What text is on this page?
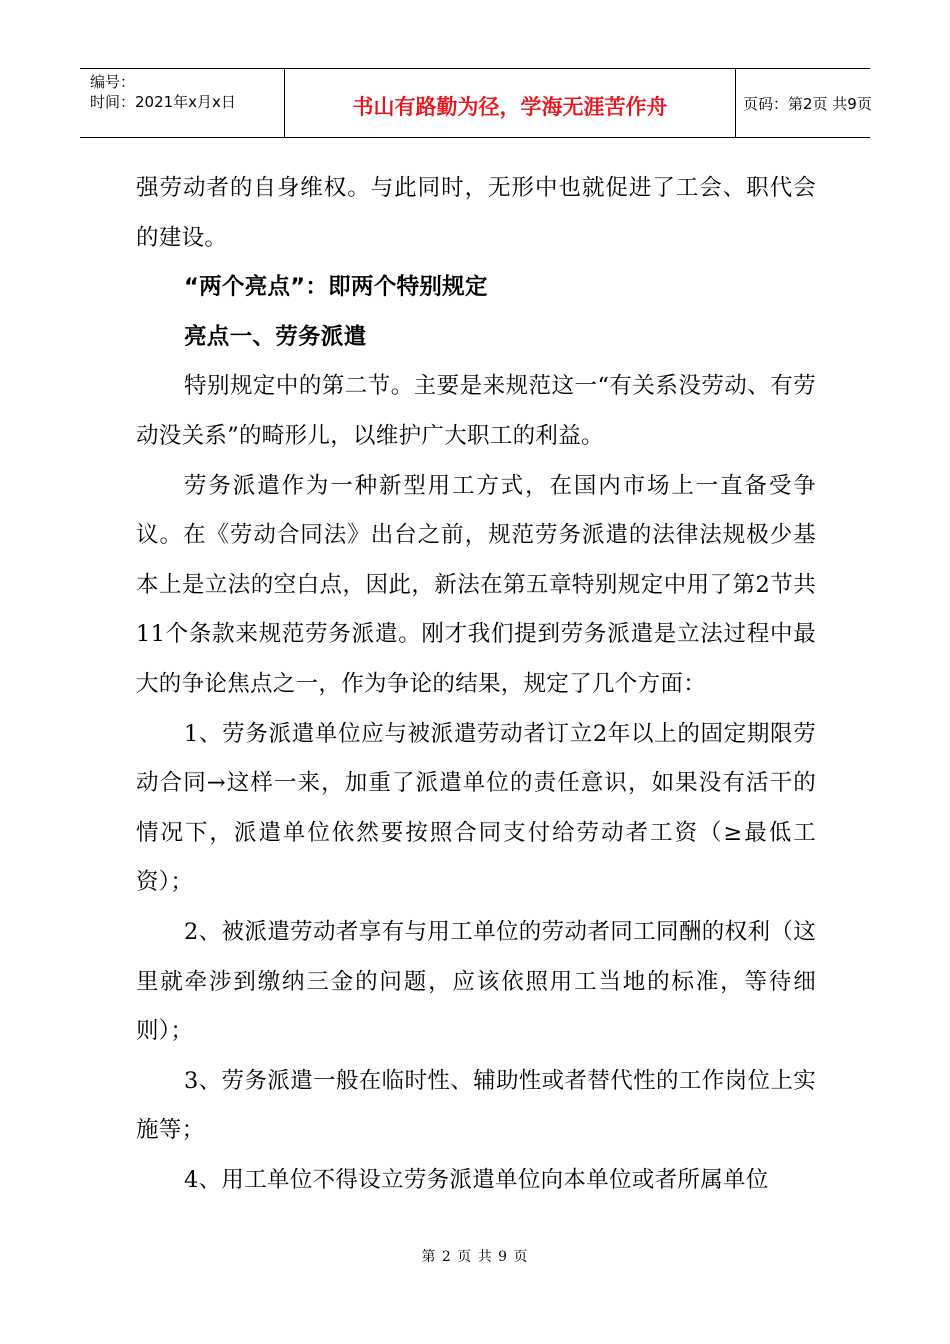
编号：
时间：2021年x月x日	书山有路勤为径，学海无涯苦作舟	页码：第2页 共9页

强劳动者的自身维权。与此同时，无形中也就促进了工会、职代会的建设。

“两个亮点”：即两个特别规定

亮点一、劳务派遣

特别规定中的第二节。主要是来规范这一“有关系没劳动、有劳动没关系”的畸形儿，以维护广大职工的利益。

劳务派遣作为一种新型用工方式，在国内市场上一直备受争议。在《劳动合同法》出台之前，规范劳务派遣的法律法规极少基本上是立法的空白点，因此，新法在第五章特别规定中用了第2节共11个条款来规范劳务派遣。刚才我们提到劳务派遣是立法过程中最大的争论焦点之一，作为争论的结果，规定了几个方面：

1、劳务派遣单位应与被派遣劳动者订立2年以上的固定期限劳动合同→这样一来，加重了派遣单位的责任意识，如果没有活干的情况下，派遣单位依然要按照合同支付给劳动者工资（≥最低工资）；

2、被派遣劳动者享有与用工单位的劳动者同工同酬的权利（这里就牵涉到缴纳三金的问题，应该依照用工当地的标准，等待细则）；

3、劳务派遣一般在临时性、辅助性或者替代性的工作岗位上实施等；

4、用工单位不得设立劳务派遣单位向本单位或者所属单位

第 2 页 共 9 页
